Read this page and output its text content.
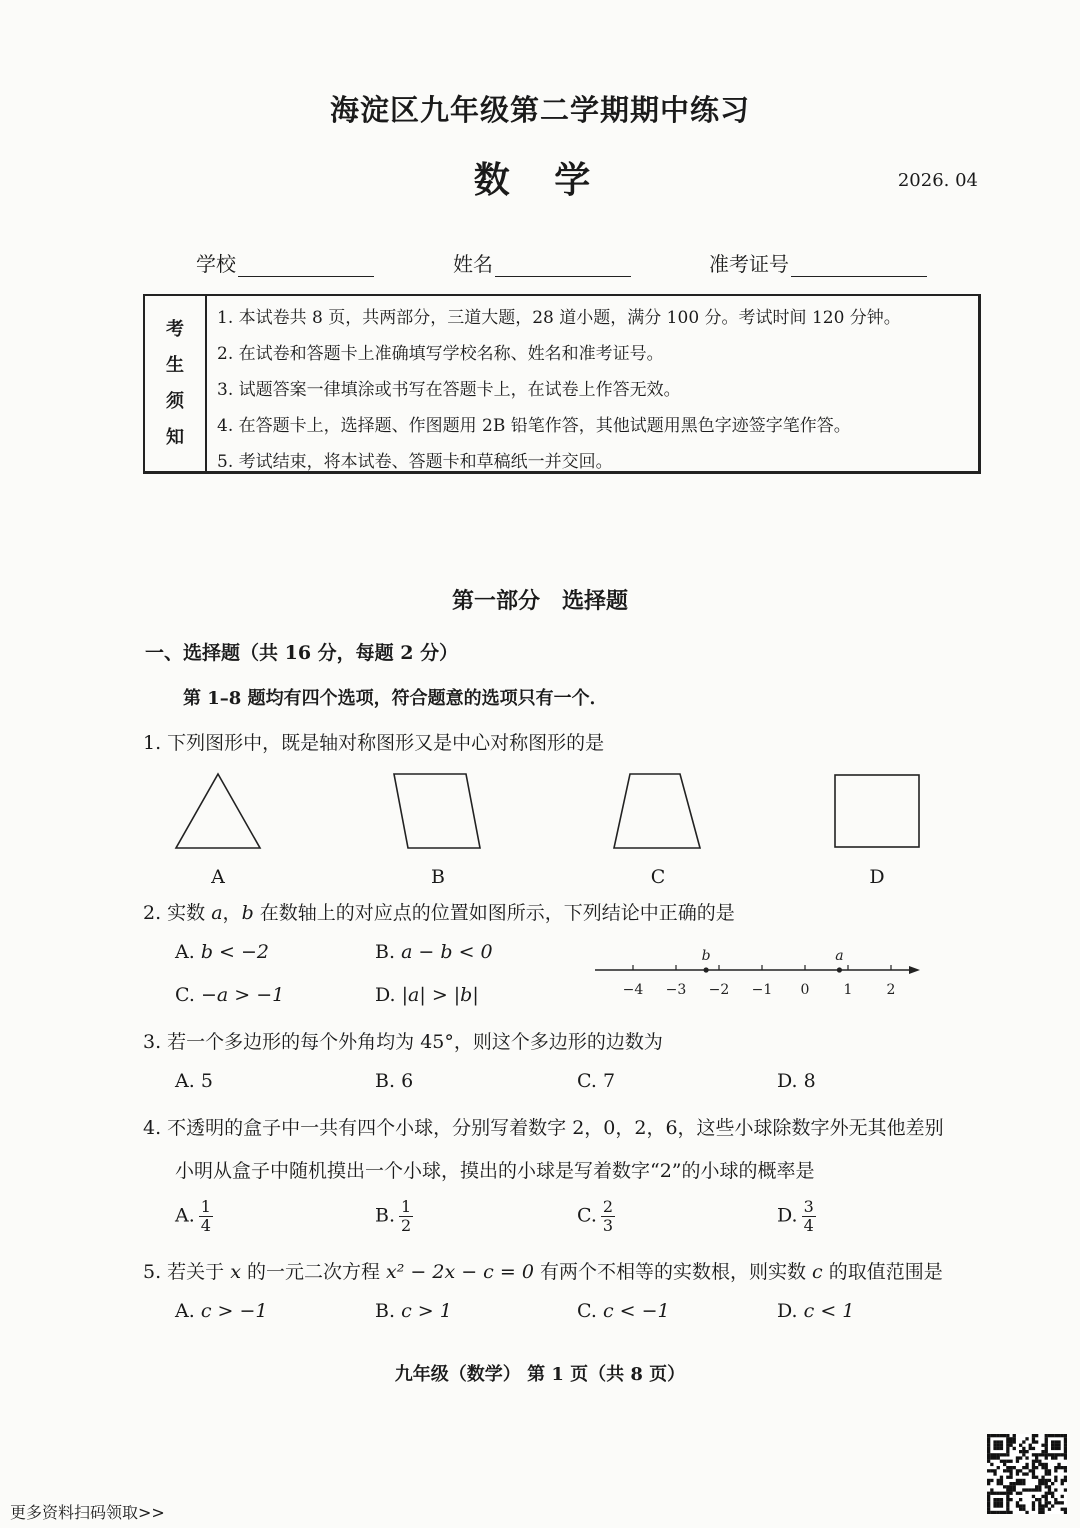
海淀区九年级第二学期期中练习
数 学	2026. 04
学校	姓名	准考证号
考
生
须
知
1. 本试卷共 8 页，共两部分，三道大题，28 道小题，满分 100 分。考试时间 120 分钟。
2. 在试卷和答题卡上准确填写学校名称、姓名和准考证号。
3. 试题答案一律填涂或书写在答题卡上，在试卷上作答无效。
4. 在答题卡上，选择题、作图题用 2B 铅笔作答，其他试题用黑色字迹签字笔作答。
5. 考试结束，将本试卷、答题卡和草稿纸一并交回。
第一部分　选择题
一、选择题（共 16 分，每题 2 分）
第 1–8 题均有四个选项，符合题意的选项只有一个．
1. 下列图形中，既是轴对称图形又是中心对称图形的是
A	B	C	D
2. 实数 a，b 在数轴上的对应点的位置如图所示，下列结论中正确的是
A. b < −2	B. a − b < 0
C. −a > −1	D. |a| > |b|	−4 −3 −2 −1 0 1 2
b	a
3. 若一个多边形的每个外角均为 45°，则这个多边形的边数为
A. 5	B. 6	C. 7	D. 8
4. 不透明的盒子中一共有四个小球，分别写着数字 2，0，2，6，这些小球除数字外无其他差别
小明从盒子中随机摸出一个小球，摸出的小球是写着数字“2”的小球的概率是
A. $\frac{1}{4}$	B. $\frac{1}{2}$	C. $\frac{2}{3}$	D. $\frac{3}{4}$
5. 若关于 x 的一元二次方程 x² − 2x − c = 0 有两个不相等的实数根，则实数 c 的取值范围是
A. c > −1	B. c > 1	C. c < −1	D. c < 1
九年级（数学） 第 1 页（共 8 页）
更多资料扫码领取>>
